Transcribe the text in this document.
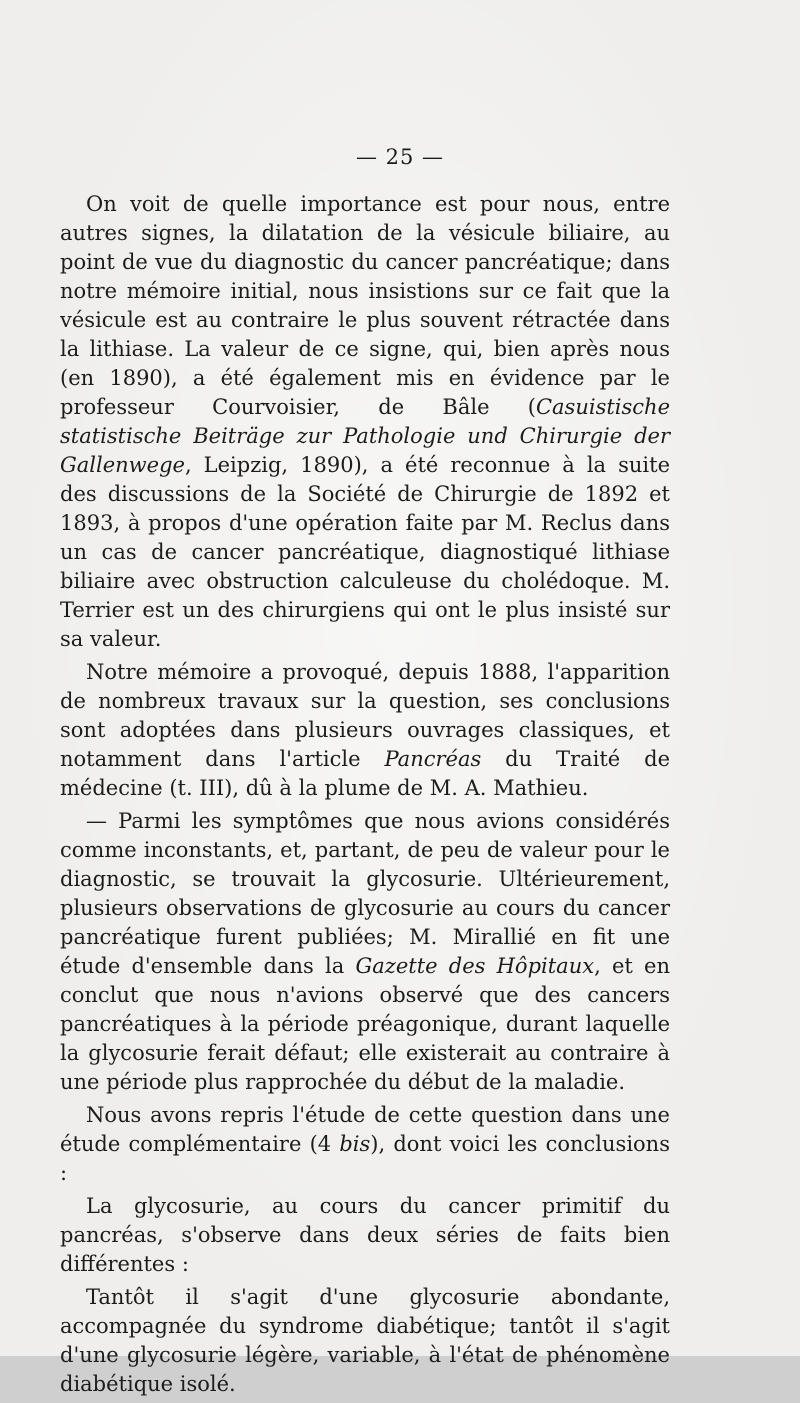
— 25 —

On voit de quelle importance est pour nous, entre autres signes, la dilatation de la vésicule biliaire, au point de vue du diagnostic du cancer pancréatique; dans notre mémoire initial, nous insistions sur ce fait que la vésicule est au contraire le plus souvent rétractée dans la lithiase. La valeur de ce signe, qui, bien après nous (en 1890), a été également mis en évidence par le professeur Courvoisier, de Bâle (Casuistische statistische Beiträge zur Pathologie und Chirurgie der Gallenwege, Leipzig, 1890), a été reconnue à la suite des discussions de la Société de Chirurgie de 1892 et 1893, à propos d'une opération faite par M. Reclus dans un cas de cancer pancréatique, diagnostiqué lithiase biliaire avec obstruction calculeuse du cholédoque. M. Terrier est un des chirurgiens qui ont le plus insisté sur sa valeur.

Notre mémoire a provoqué, depuis 1888, l'apparition de nombreux travaux sur la question, ses conclusions sont adoptées dans plusieurs ouvrages classiques, et notamment dans l'article Pancréas du Traité de médecine (t. III), dû à la plume de M. A. Mathieu.

— Parmi les symptômes que nous avions considérés comme inconstants, et, partant, de peu de valeur pour le diagnostic, se trouvait la glycosurie. Ultérieurement, plusieurs observations de glycosurie au cours du cancer pancréatique furent publiées; M. Mirallié en fit une étude d'ensemble dans la Gazette des Hôpitaux, et en conclut que nous n'avions observé que des cancers pancréatiques à la période préagonique, durant laquelle la glycosurie ferait défaut; elle existerait au contraire à une période plus rapprochée du début de la maladie.

Nous avons repris l'étude de cette question dans une étude complémentaire (4 bis), dont voici les conclusions :

La glycosurie, au cours du cancer primitif du pancréas, s'observe dans deux séries de faits bien différentes :

Tantôt il s'agit d'une glycosurie abondante, accompagnée du syndrome diabétique; tantôt il s'agit d'une glycosurie légère, variable, à l'état de phénomène diabétique isolé.
